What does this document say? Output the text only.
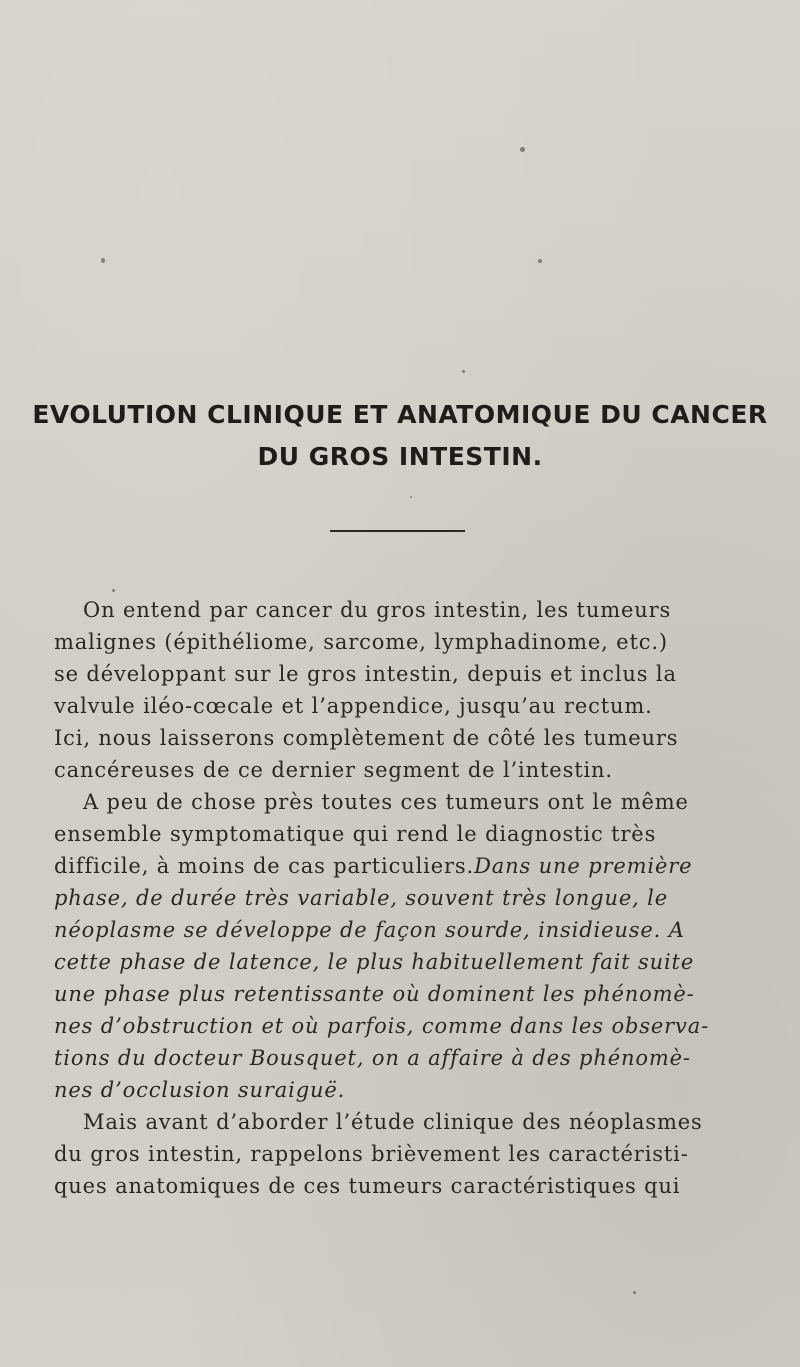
EVOLUTION CLINIQUE ET ANATOMIQUE DU CANCER
DU GROS INTESTIN.
On entend par cancer du gros intestin, les tumeurs
malignes (épithéliome, sarcome, lymphadinome, etc.)
se développant sur le gros intestin, depuis et inclus la
valvule iléo-cœcale et l’appendice, jusqu’au rectum.
Ici, nous laisserons complètement de côté les tumeurs
cancéreuses de ce dernier segment de l’intestin.
A peu de chose près toutes ces tumeurs ont le même
ensemble symptomatique qui rend le diagnostic très
difficile, à moins de cas particuliers.Dans une première
phase, de durée très variable, souvent très longue, le
néoplasme se développe de façon sourde, insidieuse. A
cette phase de latence, le plus habituellement fait suite
une phase plus retentissante où dominent les phénomè-
nes d’obstruction et où parfois, comme dans les observa-
tions du docteur Bousquet, on a affaire à des phénomè-
nes d’occlusion suraiguë.
Mais avant d’aborder l’étude clinique des néoplasmes
du gros intestin, rappelons brièvement les caractéristi-
ques anatomiques de ces tumeurs caractéristiques qui
